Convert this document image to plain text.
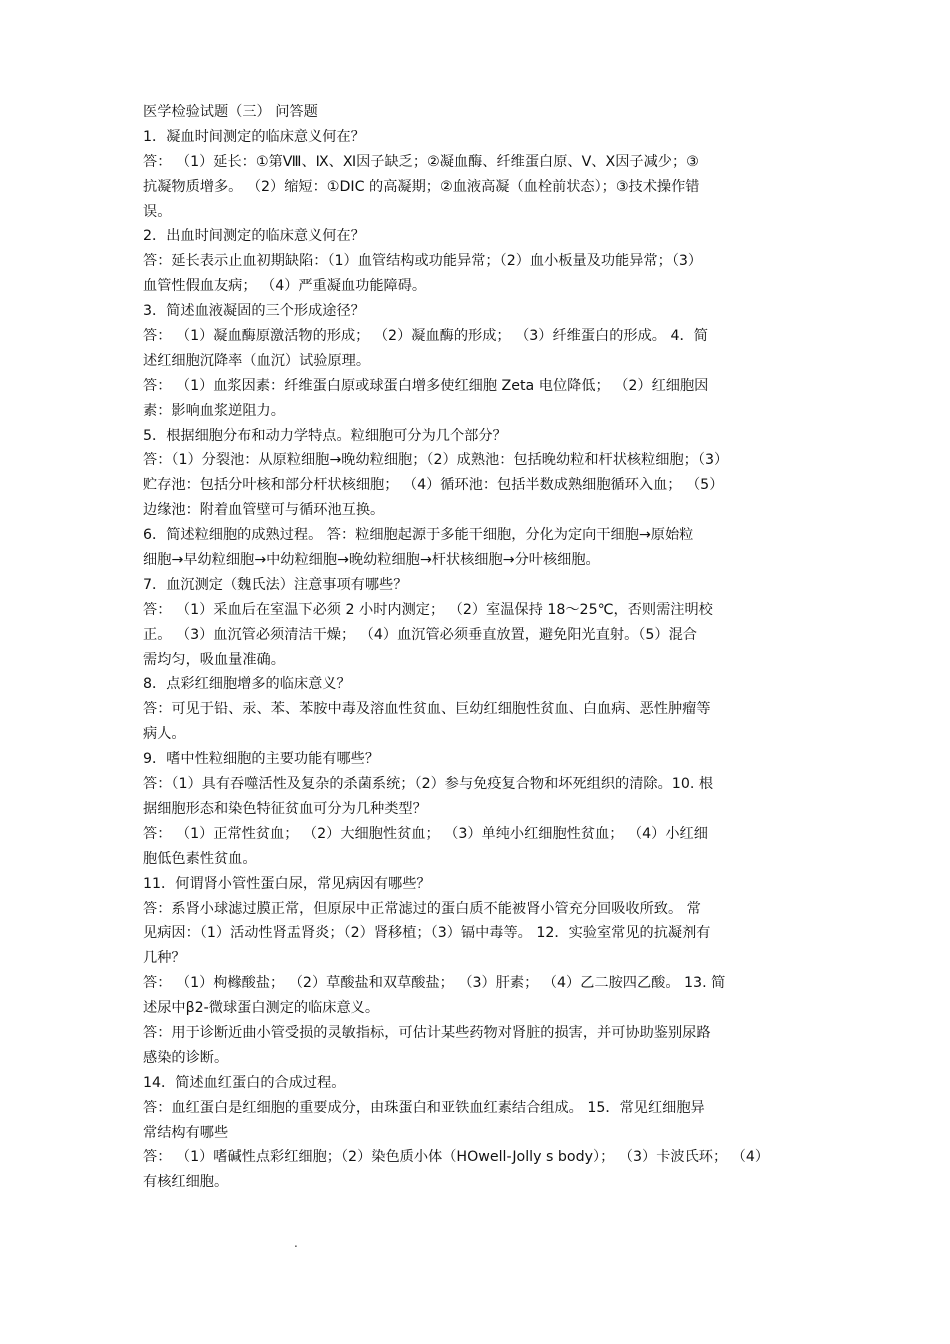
医学检验试题（三） 问答题
1．凝血时间测定的临床意义何在？
答： （1）延长：①第Ⅷ、Ⅸ、Ⅺ因子缺乏；②凝血酶、纤维蛋白原、Ⅴ、Ⅹ因子减少；③
抗凝物质增多。 （2）缩短：①DIC 的高凝期；②血液高凝（血栓前状态）；③技术操作错
误。
2．出血时间测定的临床意义何在？
答：延长表示止血初期缺陷：（1）血管结构或功能异常；（2）血小板量及功能异常；（3）
血管性假血友病； （4）严重凝血功能障碍。
3．简述血液凝固的三个形成途径？
答： （1）凝血酶原激活物的形成； （2）凝血酶的形成； （3）纤维蛋白的形成。 4．简
述红细胞沉降率（血沉）试验原理。
答： （1）血浆因素：纤维蛋白原或球蛋白增多使红细胞 Zeta 电位降低； （2）红细胞因
素：影响血浆逆阻力。
5．根据细胞分布和动力学特点。粒细胞可分为几个部分？
答：（1）分裂池：从原粒细胞→晚幼粒细胞；（2）成熟池：包括晚幼粒和杆状核粒细胞；（3）
贮存池：包括分叶核和部分杆状核细胞； （4）循环池：包括半数成熟细胞循环入血； （5）
边缘池：附着血管壁可与循环池互换。
6．简述粒细胞的成熟过程。 答：粒细胞起源于多能干细胞，分化为定向干细胞→原始粒
细胞→早幼粒细胞→中幼粒细胞→晚幼粒细胞→杆状核细胞→分叶核细胞。
7．血沉测定（魏氏法）注意事项有哪些？
答： （1）采血后在室温下必须 2 小时内测定； （2）室温保持 18～25℃，否则需注明校
正。 （3）血沉管必须清洁干燥； （4）血沉管必须垂直放置，避免阳光直射。（5）混合
需均匀，吸血量准确。
8．点彩红细胞增多的临床意义？
答：可见于铅、汞、苯、苯胺中毒及溶血性贫血、巨幼红细胞性贫血、白血病、恶性肿瘤等
病人。
9．嗜中性粒细胞的主要功能有哪些？
答：（1）具有吞噬活性及复杂的杀菌系统；（2）参与免疫复合物和坏死组织的清除。10. 根
据细胞形态和染色特征贫血可分为几种类型？
答： （1）正常性贫血； （2）大细胞性贫血； （3）单纯小红细胞性贫血； （4）小红细
胞低色素性贫血。
11．何谓肾小管性蛋白尿，常见病因有哪些？
答：系肾小球滤过膜正常，但原尿中正常滤过的蛋白质不能被肾小管充分回吸收所致。 常
见病因：（1）活动性肾盂肾炎；（2）肾移植；（3）镉中毒等。 12．实验室常见的抗凝剂有
几种？
答： （1）枸橼酸盐； （2）草酸盐和双草酸盐； （3）肝素； （4）乙二胺四乙酸。 13. 简
述尿中β2-微球蛋白测定的临床意义。
答：用于诊断近曲小管受损的灵敏指标，可估计某些药物对肾脏的损害，并可协助鉴别尿路
感染的诊断。
14．简述血红蛋白的合成过程。
答：血红蛋白是红细胞的重要成分，由珠蛋白和亚铁血红素结合组成。 15．常见红细胞异
常结构有哪些
答： （1）嗜碱性点彩红细胞；（2）染色质小体（HOwell-Jolly s body）； （3）卡波氏环； （4）
有核红细胞。
.
